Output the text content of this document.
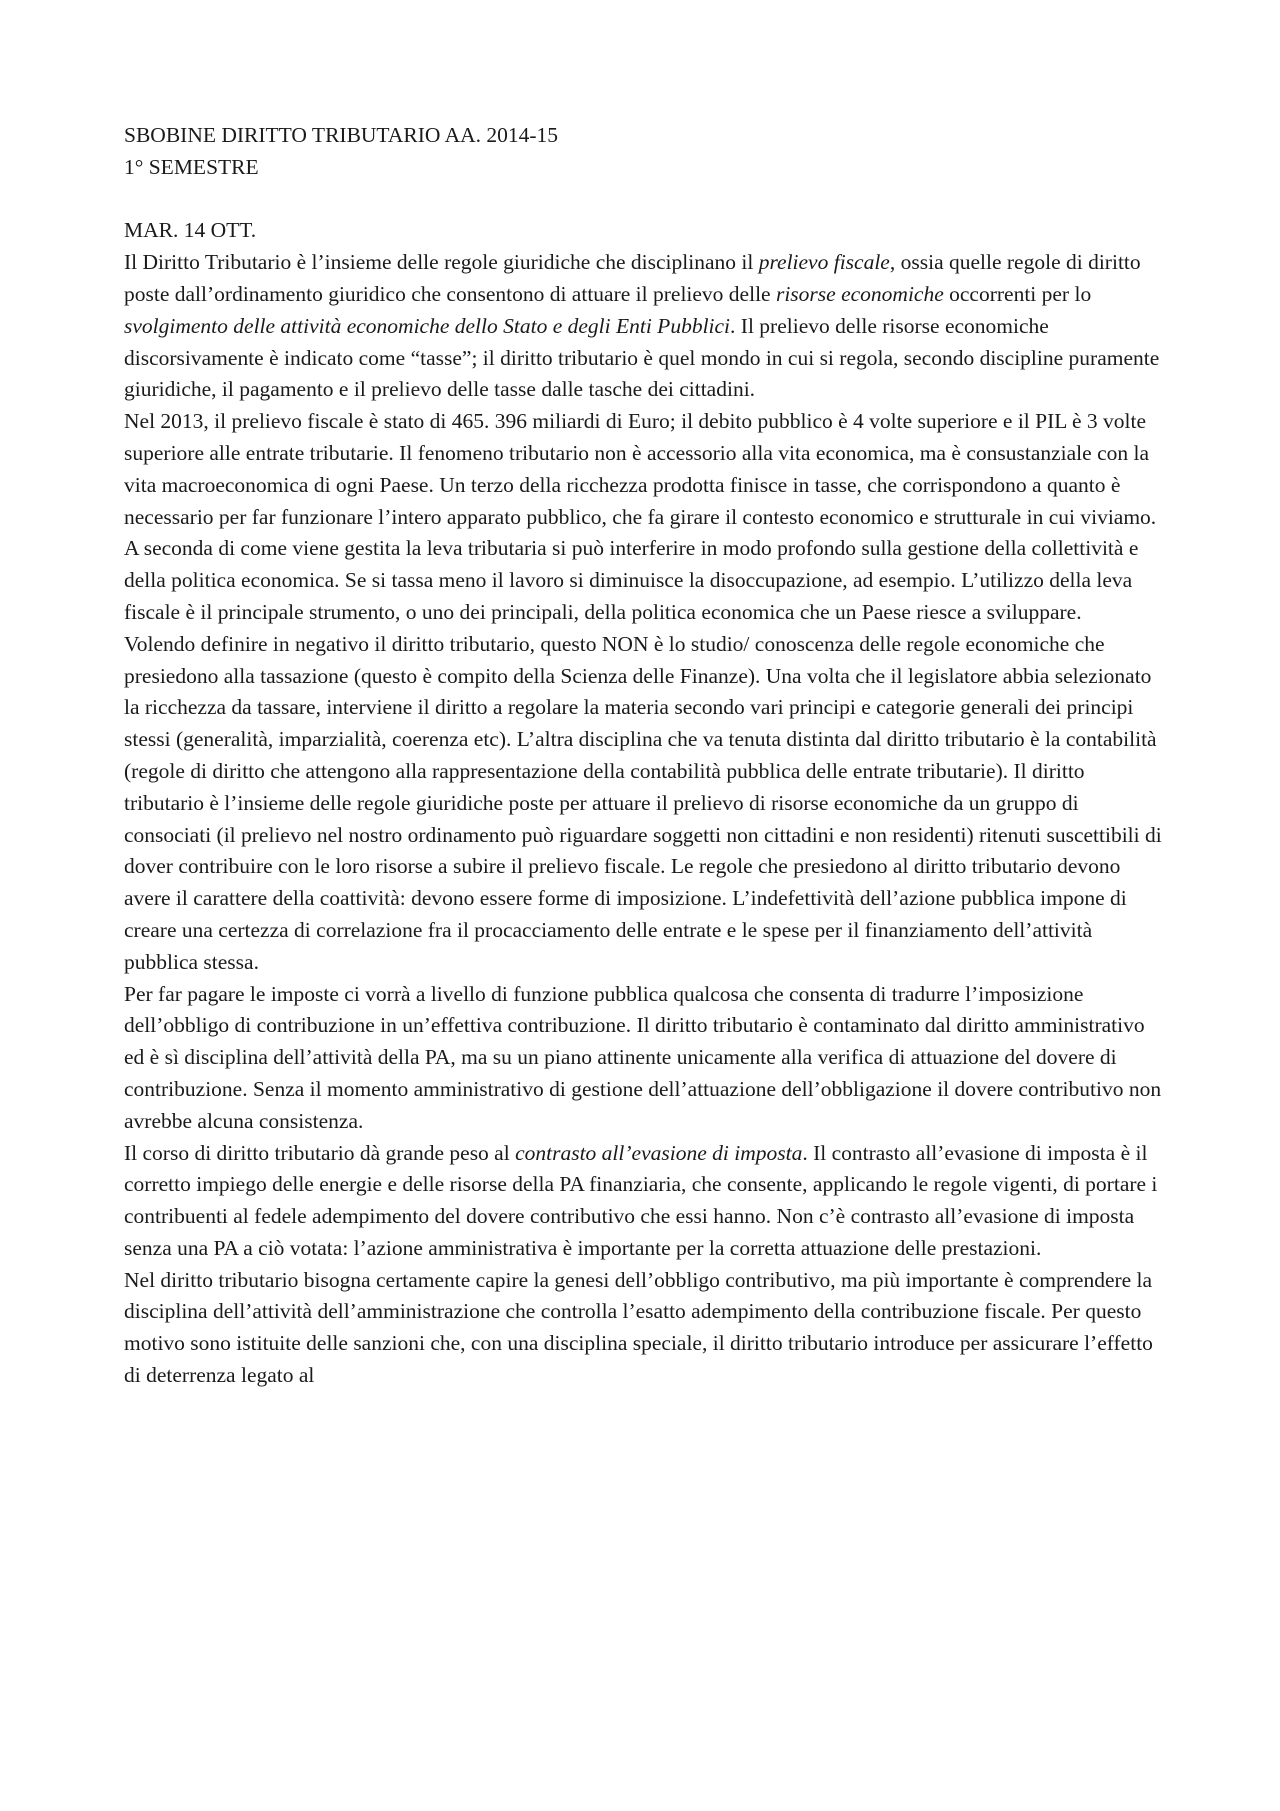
SBOBINE DIRITTO TRIBUTARIO AA. 2014-15

1° SEMESTRE

MAR. 14 OTT.

Il Diritto Tributario è l’insieme delle regole giuridiche che disciplinano il prelievo fiscale, ossia quelle regole di diritto poste dall’ordinamento giuridico che consentono di attuare il prelievo delle risorse economiche occorrenti per lo svolgimento delle attività economiche dello Stato e degli Enti Pubblici. Il prelievo delle risorse economiche discorsivamente è indicato come “tasse”; il diritto tributario è quel mondo in cui si regola, secondo discipline puramente giuridiche, il pagamento e il prelievo delle tasse dalle tasche dei cittadini.

Nel 2013, il prelievo fiscale è stato di 465. 396 miliardi di Euro; il debito pubblico è 4 volte superiore e il PIL è 3 volte superiore alle entrate tributarie. Il fenomeno tributario non è accessorio alla vita economica, ma è consustanziale con la vita macroeconomica di ogni Paese. Un terzo della ricchezza prodotta finisce in tasse, che corrispondono a quanto è necessario per far funzionare l’intero apparato pubblico, che fa girare il contesto economico e strutturale in cui viviamo. A seconda di come viene gestita la leva tributaria si può interferire in modo profondo sulla gestione della collettività e della politica economica. Se si tassa meno il lavoro si diminuisce la disoccupazione, ad esempio. L’utilizzo della leva fiscale è il principale strumento, o uno dei principali, della politica economica che un Paese riesce a sviluppare.

Volendo definire in negativo il diritto tributario, questo NON è lo studio/ conoscenza delle regole economiche che presiedono alla tassazione (questo è compito della Scienza delle Finanze). Una volta che il legislatore abbia selezionato la ricchezza da tassare, interviene il diritto a regolare la materia secondo vari principi e categorie generali dei principi stessi (generalità, imparzialità, coerenza etc). L’altra disciplina che va tenuta distinta dal diritto tributario è la contabilità (regole di diritto che attengono alla rappresentazione della contabilità pubblica delle entrate tributarie). Il diritto tributario è l’insieme delle regole giuridiche poste per attuare il prelievo di risorse economiche da un gruppo di consociati (il prelievo nel nostro ordinamento può riguardare soggetti non cittadini e non residenti) ritenuti suscettibili di dover contribuire con le loro risorse a subire il prelievo fiscale. Le regole che presiedono al diritto tributario devono avere il carattere della coattività: devono essere forme di imposizione. L’indefettività dell’azione pubblica impone di creare una certezza di correlazione fra il procacciamento delle entrate e le spese per il finanziamento dell’attività pubblica stessa.

Per far pagare le imposte ci vorrà a livello di funzione pubblica qualcosa che consenta di tradurre l’imposizione dell’obbligo di contribuzione in un’effettiva contribuzione. Il diritto tributario è contaminato dal diritto amministrativo ed è sì disciplina dell’attività della PA, ma su un piano attinente unicamente alla verifica di attuazione del dovere di contribuzione. Senza il momento amministrativo di gestione dell’attuazione dell’obbligazione il dovere contributivo non avrebbe alcuna consistenza.

Il corso di diritto tributario dà grande peso al contrasto all’evasione di imposta. Il contrasto all’evasione di imposta è il corretto impiego delle energie e delle risorse della PA finanziaria, che consente, applicando le regole vigenti, di portare i contribuenti al fedele adempimento del dovere contributivo che essi hanno. Non c’è contrasto all’evasione di imposta senza una PA a ciò votata: l’azione amministrativa è importante per la corretta attuazione delle prestazioni.

Nel diritto tributario bisogna certamente capire la genesi dell’obbligo contributivo, ma più importante è comprendere la disciplina dell’attività dell’amministrazione che controlla l’esatto adempimento della contribuzione fiscale. Per questo motivo sono istituite delle sanzioni che, con una disciplina speciale, il diritto tributario introduce per assicurare l’effetto di deterrenza legato al
